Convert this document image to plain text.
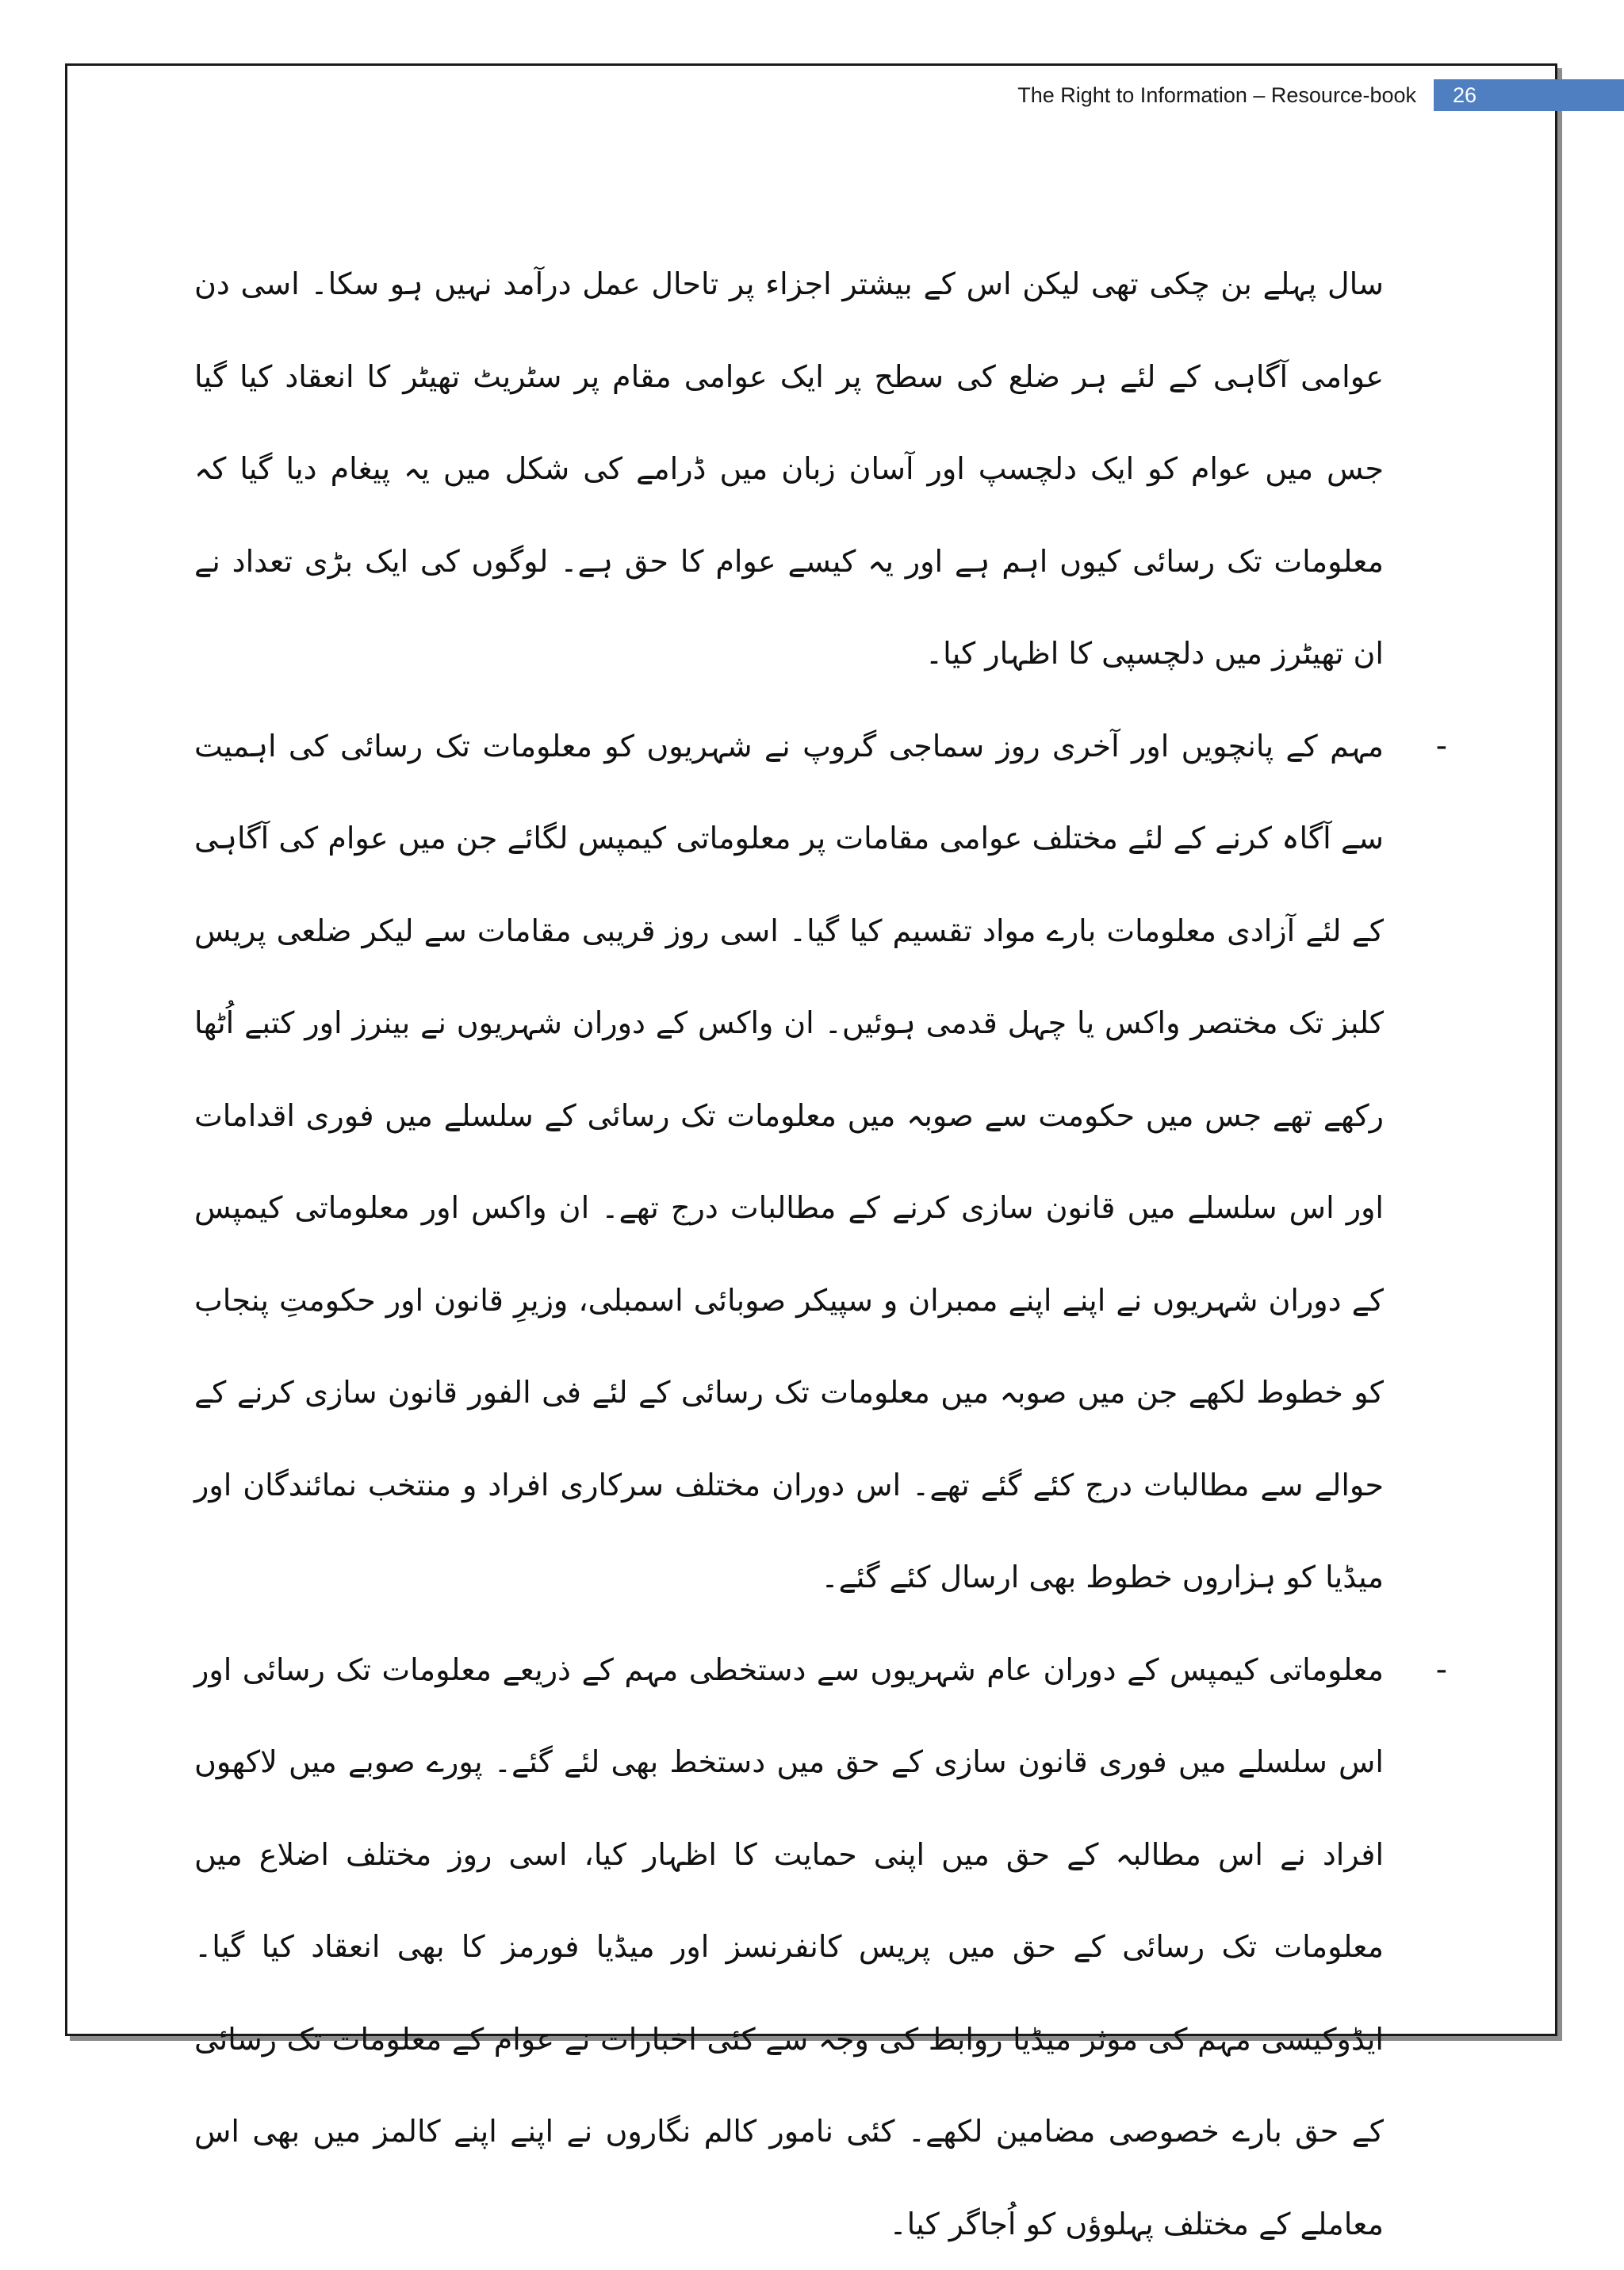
The Right to Information – Resource-book	26

سال پہلے بن چکی تھی لیکن اس کے بیشتر اجزاء پر تاحال عمل درآمد نہیں ہو سکا۔ اسی دن عوامی آگاہی کے لئے ہر ضلع کی سطح پر ایک عوامی مقام پر سٹریٹ تھیٹر کا انعقاد کیا گیا جس میں عوام کو ایک دلچسپ اور آسان زبان میں ڈرامے کی شکل میں یہ پیغام دیا گیا کہ معلومات تک رسائی کیوں اہم ہے اور یہ کیسے عوام کا حق ہے۔ لوگوں کی ایک بڑی تعداد نے ان تھیٹرز میں دلچسپی کا اظہار کیا۔

-
مہم کے پانچویں اور آخری روز سماجی گروپ نے شہریوں کو معلومات تک رسائی کی اہمیت سے آگاہ کرنے کے لئے مختلف عوامی مقامات پر معلوماتی کیمپس لگائے جن میں عوام کی آگاہی کے لئے آزادی معلومات بارے مواد تقسیم کیا گیا۔ اسی روز قریبی مقامات سے لیکر ضلعی پریس کلبز تک مختصر واکس یا چہل قدمی ہوئیں۔ ان واکس کے دوران شہریوں نے بینرز اور کتبے اُٹھا رکھے تھے جس میں حکومت سے صوبہ میں معلومات تک رسائی کے سلسلے میں فوری اقدامات اور اس سلسلے میں قانون سازی کرنے کے مطالبات درج تھے۔ ان واکس اور معلوماتی کیمپس کے دوران شہریوں نے اپنے اپنے ممبران و سپیکر صوبائی اسمبلی، وزیرِ قانون اور حکومتِ پنجاب کو خطوط لکھے جن میں صوبہ میں معلومات تک رسائی کے لئے فی الفور قانون سازی کرنے کے حوالے سے مطالبات درج کئے گئے تھے۔ اس دوران مختلف سرکاری افراد و منتخب نمائندگان اور میڈیا کو ہزاروں خطوط بھی ارسال کئے گئے۔

-
معلوماتی کیمپس کے دوران عام شہریوں سے دستخطی مہم کے ذریعے معلومات تک رسائی اور اس سلسلے میں فوری قانون سازی کے حق میں دستخط بھی لئے گئے۔ پورے صوبے میں لاکھوں افراد نے اس مطالبہ کے حق میں اپنی حمایت کا اظہار کیا، اسی روز مختلف اضلاع میں معلومات تک رسائی کے حق میں پریس کانفرنسز اور میڈیا فورمز کا بھی انعقاد کیا گیا۔ ایڈوکیسی مہم کی موثر میڈیا روابط کی وجہ سے کئی اخبارات نے عوام کے معلومات تک رسائی کے حق بارے خصوصی مضامین لکھے۔ کئی نامور کالم نگاروں نے اپنے اپنے کالمز میں بھی اس معاملے کے مختلف پہلوؤں کو اُجاگر کیا۔
